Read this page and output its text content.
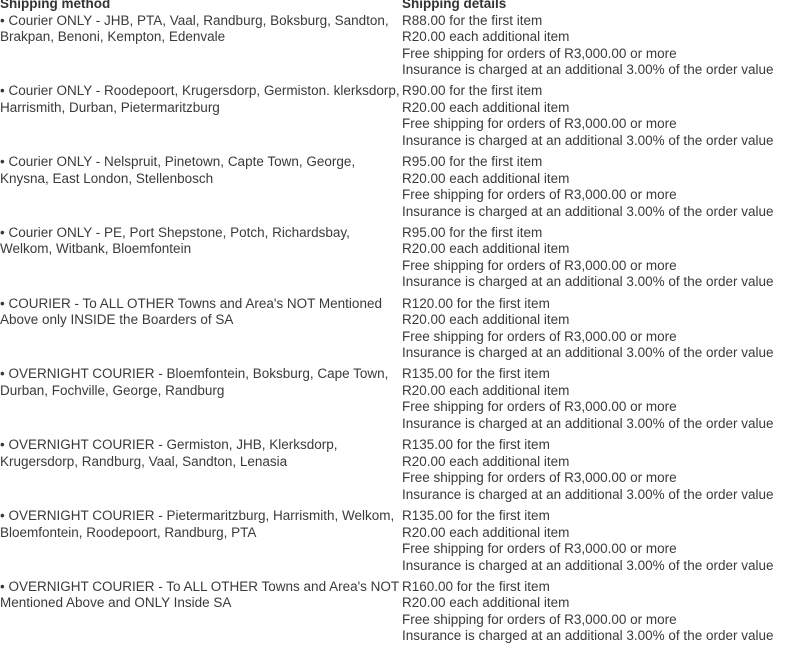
Shipping method	Shipping details

• Courier ONLY - JHB, PTA, Vaal, Randburg, Boksburg, Sandton, Brakpan, Benoni, Kempton, Edenvale	R88.00 for the first item
R20.00 each additional item
Free shipping for orders of R3,000.00 or more
Insurance is charged at an additional 3.00% of the order value

• Courier ONLY - Roodepoort, Krugersdorp, Germiston. klerksdorp, Harrismith, Durban, Pietermaritzburg	R90.00 for the first item
R20.00 each additional item
Free shipping for orders of R3,000.00 or more
Insurance is charged at an additional 3.00% of the order value

• Courier ONLY - Nelspruit, Pinetown, Capte Town, George, Knysna, East London, Stellenbosch	R95.00 for the first item
R20.00 each additional item
Free shipping for orders of R3,000.00 or more
Insurance is charged at an additional 3.00% of the order value

• Courier ONLY - PE, Port Shepstone, Potch, Richardsbay, Welkom, Witbank, Bloemfontein	R95.00 for the first item
R20.00 each additional item
Free shipping for orders of R3,000.00 or more
Insurance is charged at an additional 3.00% of the order value

• COURIER - To ALL OTHER Towns and Area's NOT Mentioned Above only INSIDE the Boarders of SA	R120.00 for the first item
R20.00 each additional item
Free shipping for orders of R3,000.00 or more
Insurance is charged at an additional 3.00% of the order value

• OVERNIGHT COURIER - Bloemfontein, Boksburg, Cape Town, Durban, Fochville, George, Randburg	R135.00 for the first item
R20.00 each additional item
Free shipping for orders of R3,000.00 or more
Insurance is charged at an additional 3.00% of the order value

• OVERNIGHT COURIER - Germiston, JHB, Klerksdorp, Krugersdorp, Randburg, Vaal, Sandton, Lenasia	R135.00 for the first item
R20.00 each additional item
Free shipping for orders of R3,000.00 or more
Insurance is charged at an additional 3.00% of the order value

• OVERNIGHT COURIER - Pietermaritzburg, Harrismith, Welkom, Bloemfontein, Roodepoort, Randburg, PTA	R135.00 for the first item
R20.00 each additional item
Free shipping for orders of R3,000.00 or more
Insurance is charged at an additional 3.00% of the order value

• OVERNIGHT COURIER - To ALL OTHER Towns and Area's NOT Mentioned Above and ONLY Inside SA	R160.00 for the first item
R20.00 each additional item
Free shipping for orders of R3,000.00 or more
Insurance is charged at an additional 3.00% of the order value
